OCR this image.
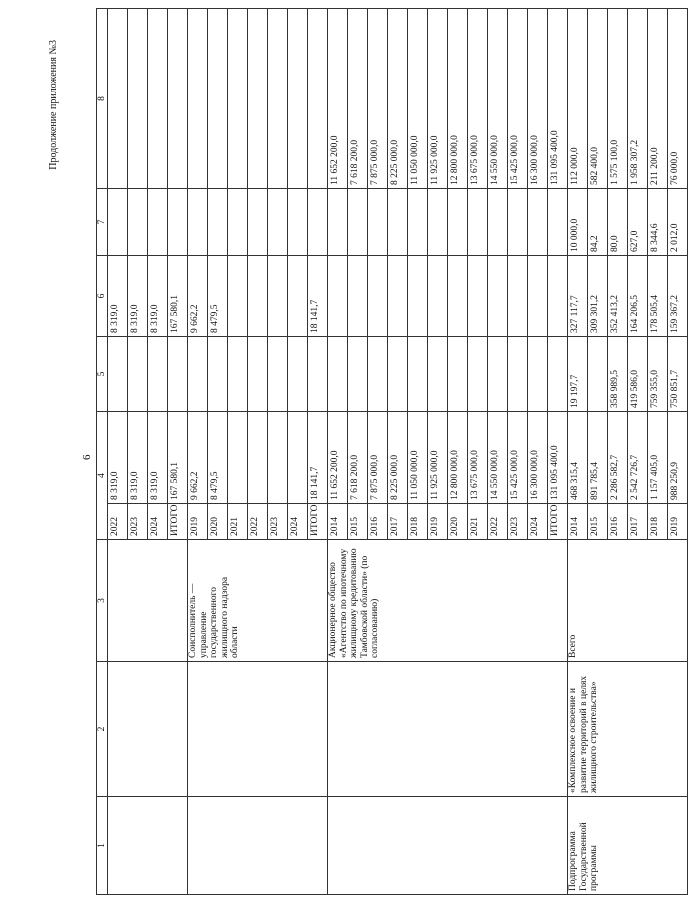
6
Продолжение приложения №3
1	2	3	4		5	6	7	8
			2022	8 319,0		8 319,0		
			2023	8 319,0		8 319,0		
			2024	8 319,0		8 319,0		
			ИТОГО	167 580,1		167 580,1		
		Соисполнитель — управление государственного жилищного надзора области	2019	9 662,2		9 662,2		
			2020	8 479,5		8 479,5		
			2021					
			2022					
			2023					
			2024					
			ИТОГО	18 141,7		18 141,7		
		Акционерное общество «Агентство по ипотечному жилищному кредитованию Тамбовской области» (по согласованию)	2014	11 652 200,0				11 652 200,0
			2015	7 618 200,0				7 618 200,0
			2016	7 875 000,0				7 875 000,0
			2017	8 225 000,0				8 225 000,0
			2018	11 050 000,0				11 050 000,0
			2019	11 925 000,0				11 925 000,0
			2020	12 800 000,0				12 800 000,0
			2021	13 675 000,0				13 675 000,0
			2022	14 550 000,0				14 550 000,0
			2023	15 425 000,0				15 425 000,0
			2024	16 300 000,0				16 300 000,0
			ИТОГО	131 095 400,0				131 095 400,0
Подпрограмма Государственной программы	«Комплексное освоение и развитие территорий в целях жилищного строительства»	Всего	2014	468 315,4	19 197,7	327 117,7	10 000,0	112 000,0
			2015	891 785,4		309 301,2	84,2	582 400,0
			2016	2 286 582,7	358 989,5	352 413,2	80,0	1 575 100,0
			2017	2 542 726,7	419 586,0	164 206,5	627,0	1 958 307,2
			2018	1 157 405,0	759 355,0	178 505,4	8 344,6	211 200,0
			2019	988 250,9	750 851,7	159 367,2	2 012,0	76 000,0
